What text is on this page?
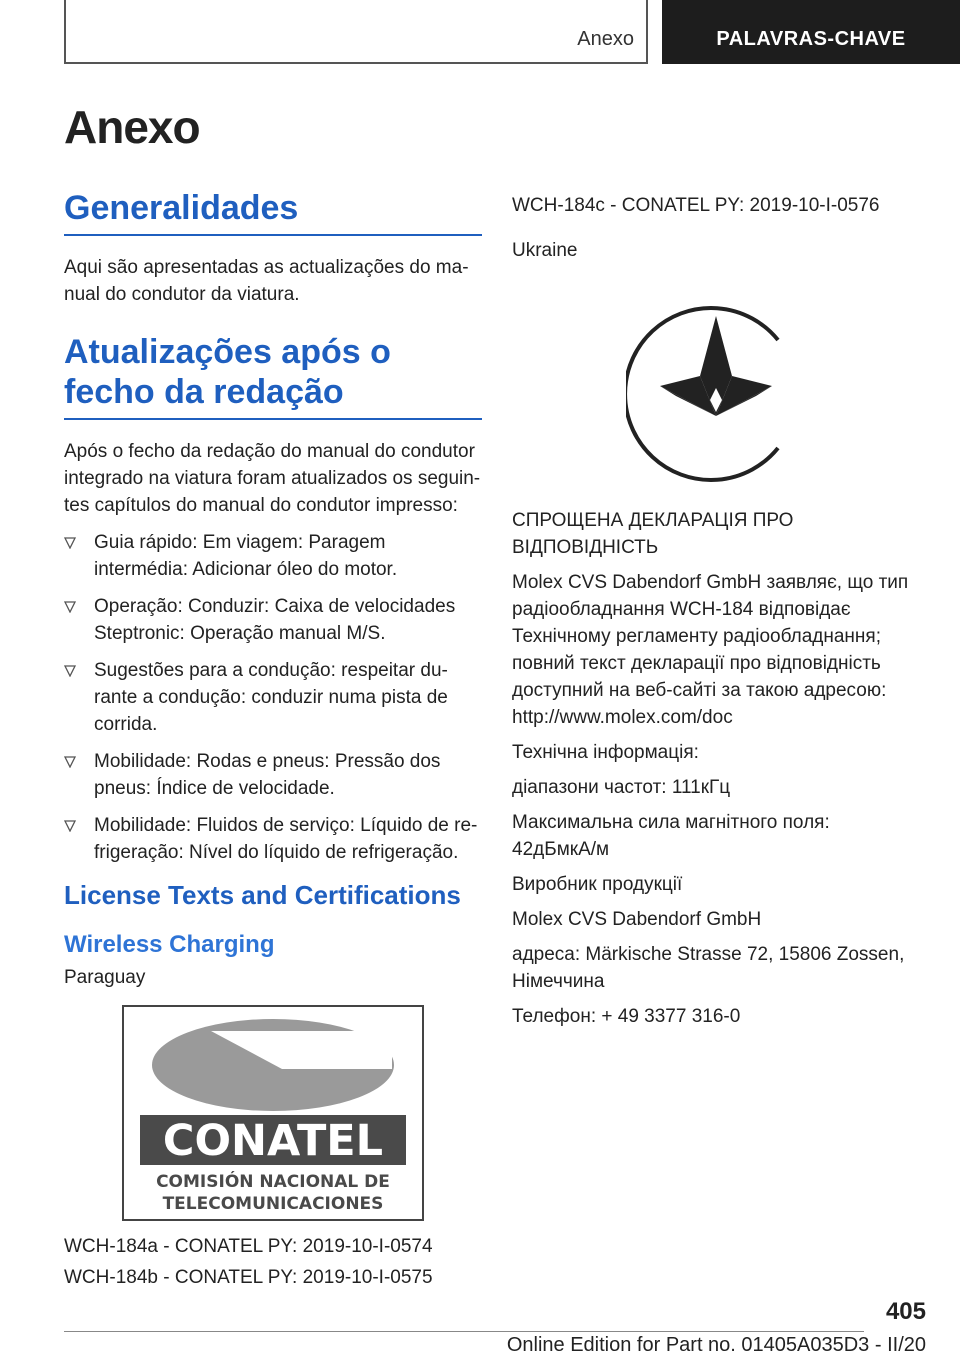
Anexo	PALAVRAS-CHAVE
Anexo
Generalidades

Aqui são apresentadas as actualizações do ma-nual do condutor da viatura.

Atualizações após o fecho da redação

Após o fecho da redação do manual do condutor integrado na viatura foram atualizados os seguin-tes capítulos do manual do condutor impresso:

Guia rápido: Em viagem: Paragem intermédia: Adicionar óleo do motor.
Operação: Conduzir: Caixa de velocidades Steptronic: Operação manual M/S.
Sugestões para a condução: respeitar du-rante a condução: conduzir numa pista de corrida.
Mobilidade: Rodas e pneus: Pressão dos pneus: Índice de velocidade.
Mobilidade: Fluidos de serviço: Líquido de re-frigeração: Nível do líquido de refrigeração.
License Texts and Certifications
Wireless Charging

Paraguay

CONATEL
COMISIÓN NACIONAL DE
TELECOMUNICACIONES

WCH-184a - CONATEL PY: 2019-10-I-0574

WCH-184b - CONATEL PY: 2019-10-I-0575

WCH-184c - CONATEL PY: 2019-10-I-0576

Ukraine

СПРОЩЕНА ДЕКЛАРАЦІЯ ПРО ВІДПОВІДНІСТЬ

Molex CVS Dabendorf GmbH заявляє, що тип радіообладнання WCH-184 відповідає Технічному регламенту радіообладнання; повний текст декларації про відповідність доступний на веб-сайті за такою адресою: http://www.molex.com/doc

Технічна інформація:

діапазони частот: 111кГц

Максимальна сила магнітного поля:

42дБмкА/м

Виробник продукції

Molex CVS Dabendorf GmbH

адреса: Märkische Strasse 72, 15806 Zossen, Німеччина

Телефон: + 49 3377 316-0

405
Online Edition for Part no. 01405A035D3 - II/20
